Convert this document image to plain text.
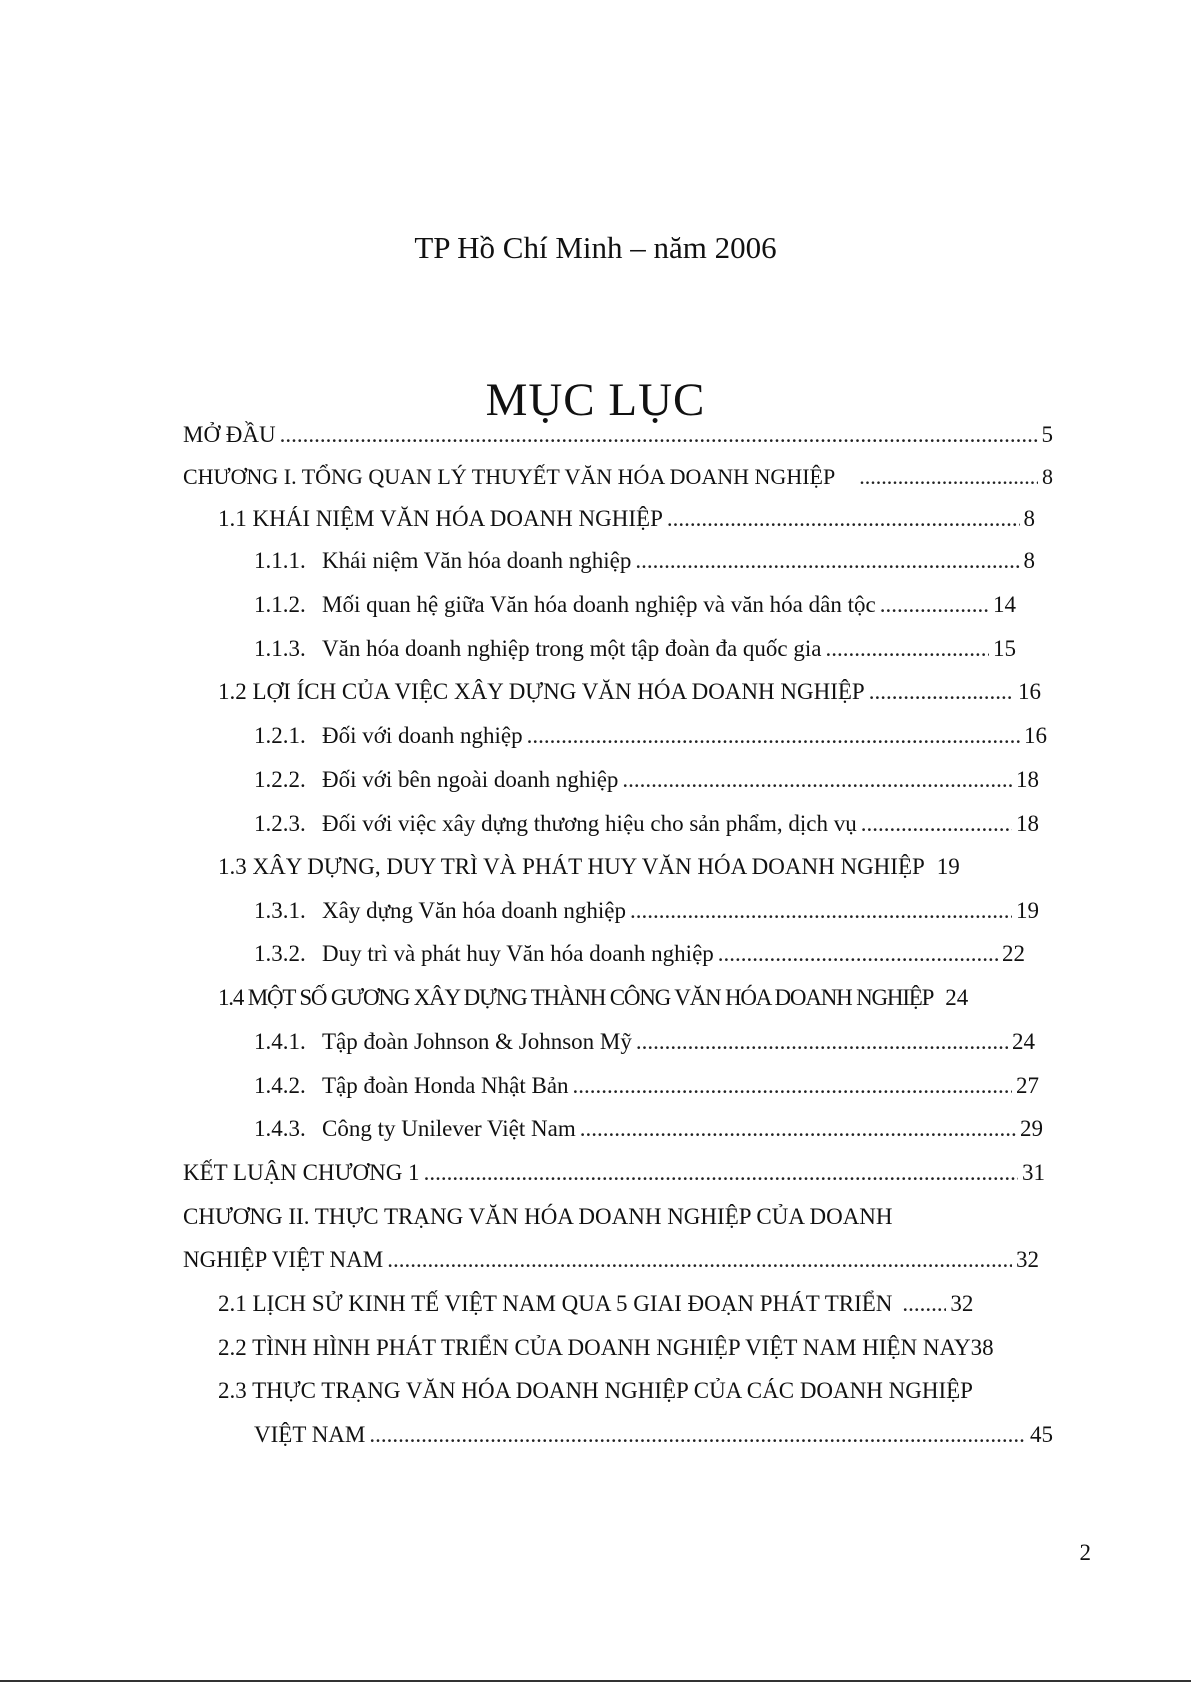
TP Hồ Chí Minh – năm 2006
MỤC LỤC
MỞ ĐẦU .....	5
CHƯƠNG I. TỔNG QUAN LÝ THUYẾT VĂN HÓA DOANH NGHIỆP .....	8
1.1 KHÁI NIỆM VĂN HÓA DOANH NGHIỆP .....	8
1.1.1. Khái niệm Văn hóa doanh nghiệp .....	8
1.1.2. Mối quan hệ giữa Văn hóa doanh nghiệp và văn hóa dân tộc .....	14
1.1.3. Văn hóa doanh nghiệp trong một tập đoàn đa quốc gia .....	15
1.2 LỢI ÍCH CỦA VIỆC XÂY DỰNG VĂN HÓA DOANH NGHIỆP .....	16
1.2.1. Đối với doanh nghiệp .....	16
1.2.2. Đối với bên ngoài doanh nghiệp .....	18
1.2.3. Đối với việc xây dựng thương hiệu cho sản phẩm, dịch vụ .....	18
1.3 XÂY DỰNG, DUY TRÌ VÀ PHÁT HUY VĂN HÓA DOANH NGHIỆP 19
1.3.1. Xây dựng Văn hóa doanh nghiệp .....	19
1.3.2. Duy trì và phát huy Văn hóa doanh nghiệp .....	22
1.4 MỘT SỐ GƯƠNG XÂY DỰNG THÀNH CÔNG VĂN HÓA DOANH NGHIỆP 24
1.4.1. Tập đoàn Johnson & Johnson Mỹ .....	24
1.4.2. Tập đoàn Honda Nhật Bản .....	27
1.4.3. Công ty Unilever Việt Nam .....	29
KẾT LUẬN CHƯƠNG 1 .....	31
CHƯƠNG II. THỰC TRẠNG VĂN HÓA DOANH NGHIỆP CỦA DOANH
NGHIỆP VIỆT NAM .....	32
2.1 LỊCH SỬ KINH TẾ VIỆT NAM QUA 5 GIAI ĐOẠN PHÁT TRIỂN .....	32
2.2 TÌNH HÌNH PHÁT TRIỂN CỦA DOANH NGHIỆP VIỆT NAM HIỆN NAY38
2.3 THỰC TRẠNG VĂN HÓA DOANH NGHIỆP CỦA CÁC DOANH NGHIỆP
VIỆT NAM .....	45
2
